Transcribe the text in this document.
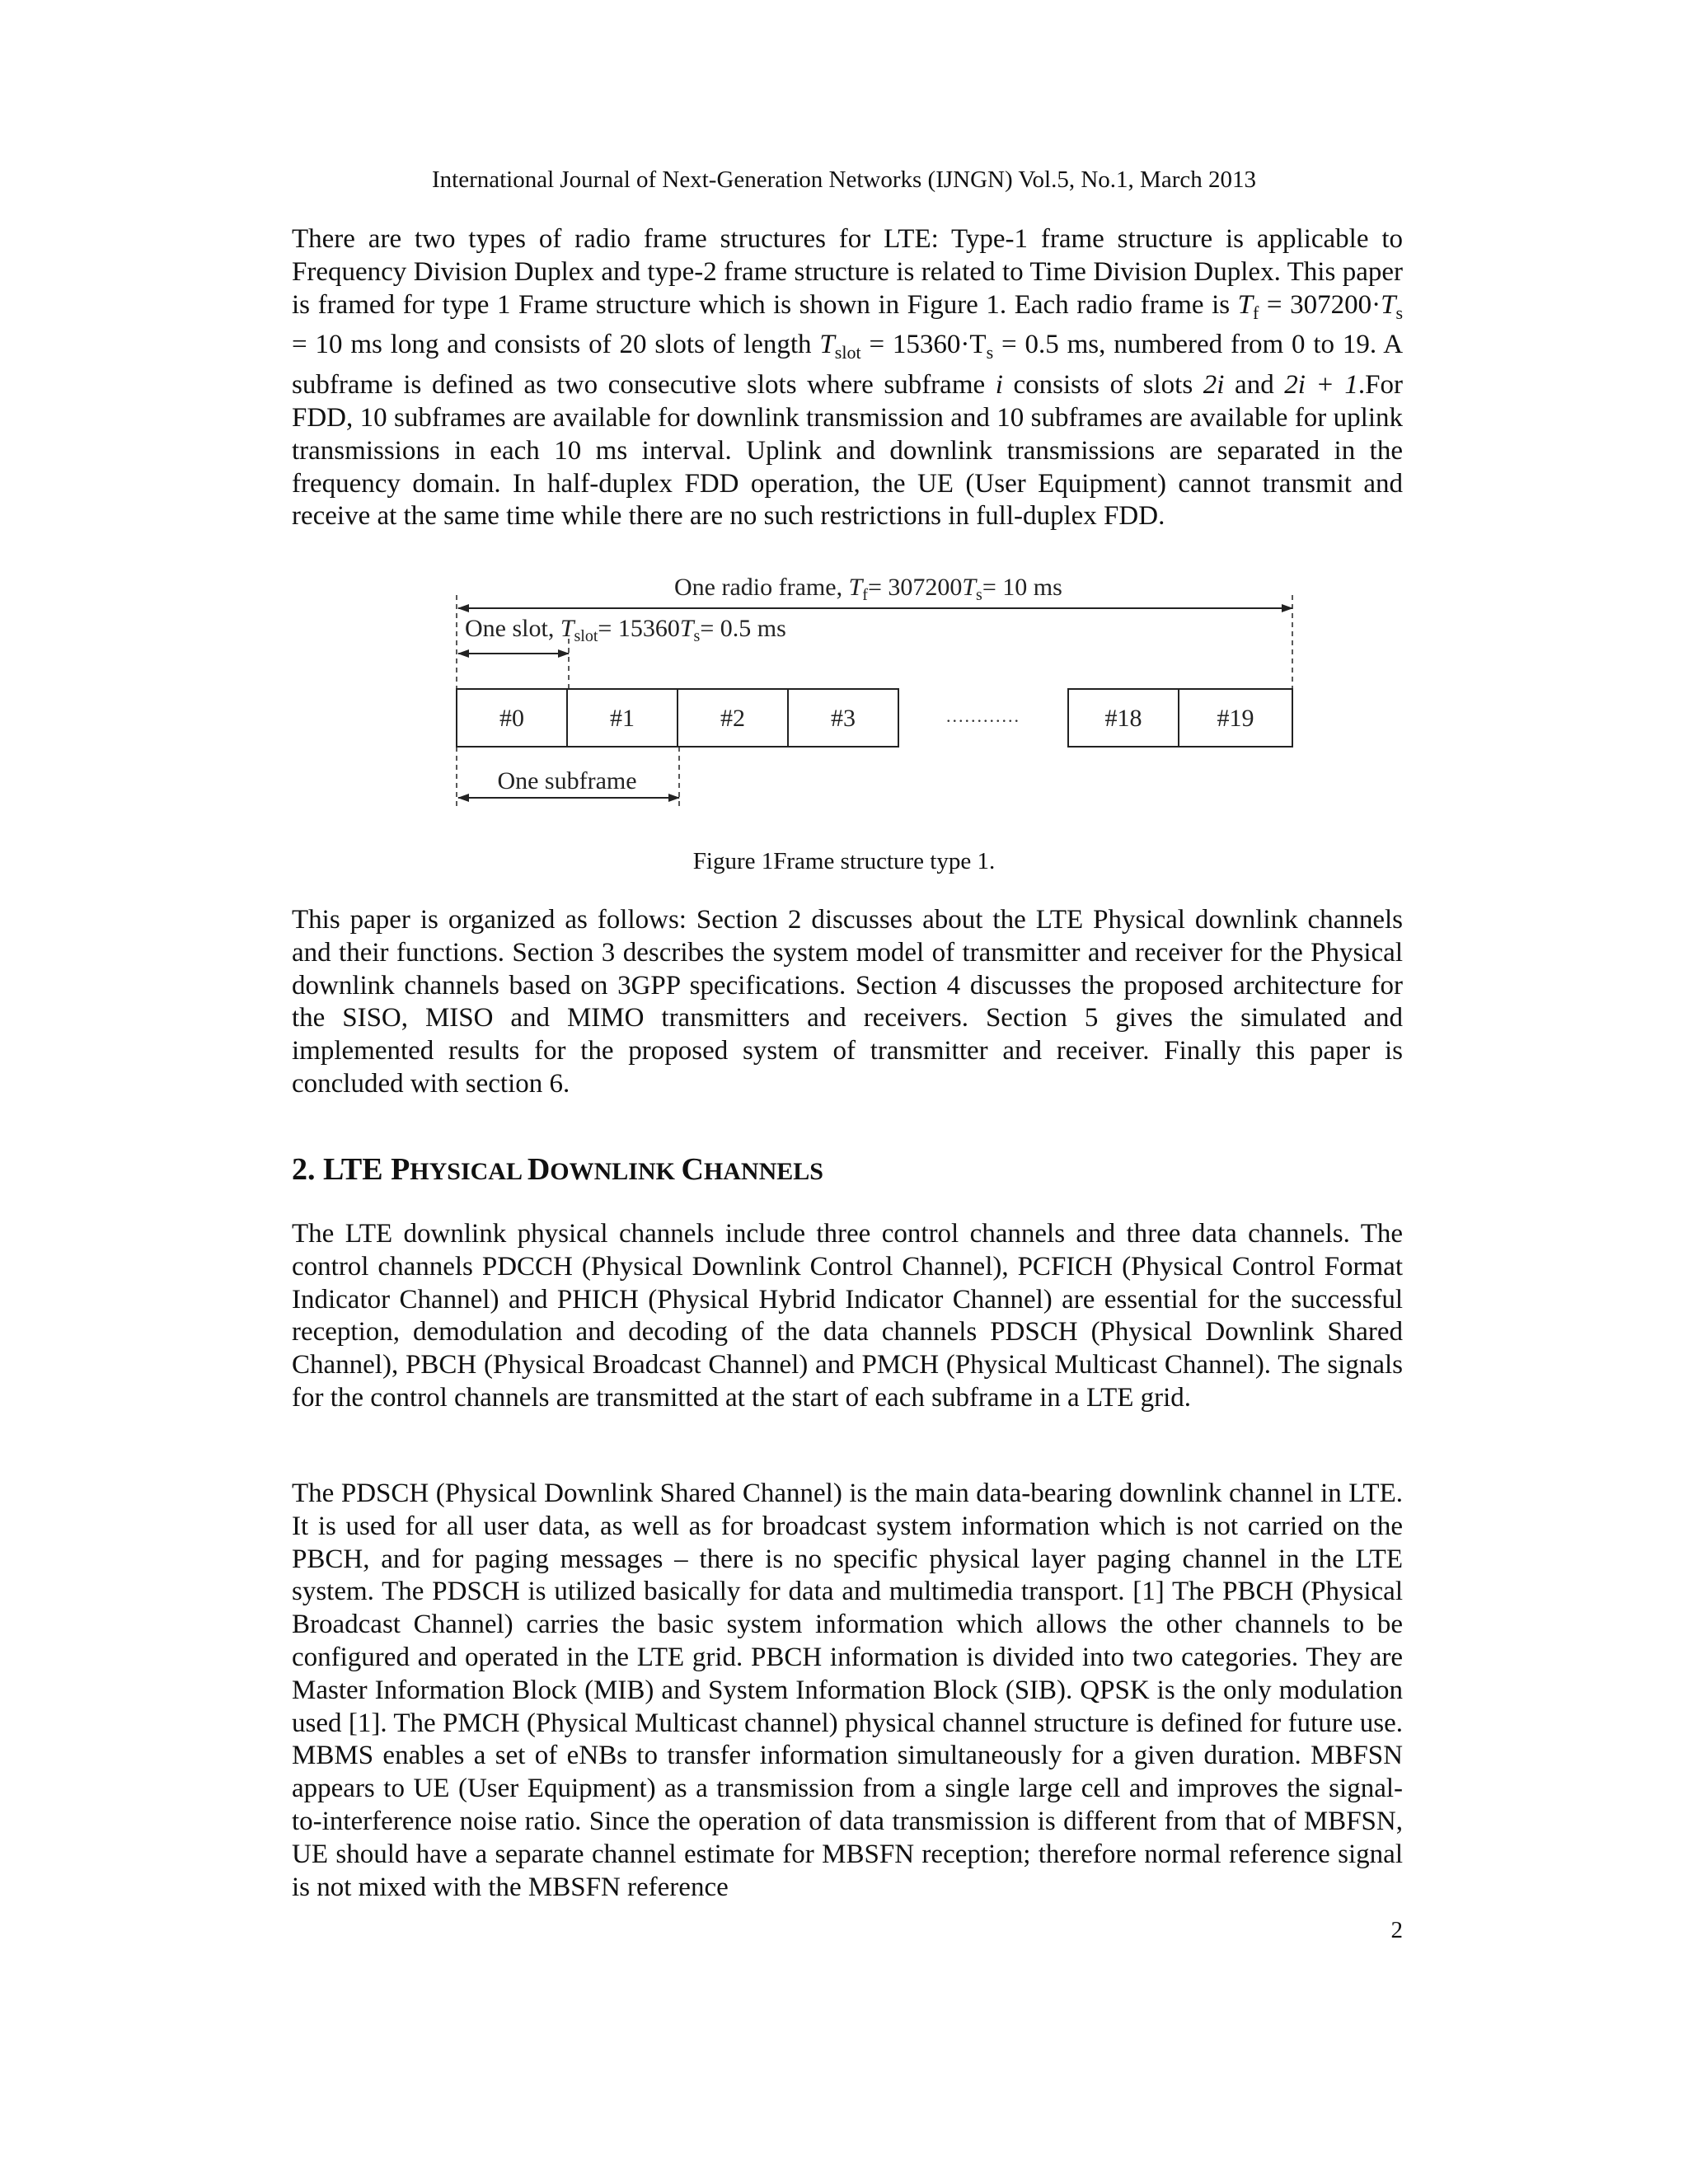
International Journal of Next-Generation Networks (IJNGN) Vol.5, No.1, March 2013

There are two types of radio frame structures for LTE: Type-1 frame structure is applicable to Frequency Division Duplex and type-2 frame structure is related to Time Division Duplex. This paper is framed for type 1 Frame structure which is shown in Figure 1. Each radio frame is $T_f = 307200\cdot T_s = 10$ ms long and consists of 20 slots of length $T_{slot} = 15360\cdot T_s = 0.5$ ms, numbered from 0 to 19. A subframe is defined as two consecutive slots where subframe i consists of slots 2i and 2i + 1.For FDD, 10 subframes are available for downlink transmission and 10 subframes are available for uplink transmissions in each 10 ms interval. Uplink and downlink transmissions are separated in the frequency domain. In half-duplex FDD operation, the UE (User Equipment) cannot transmit and receive at the same time while there are no such restrictions in full-duplex FDD.

One radio frame, $T_f= 307200T_s= 10$ ms
One slot, $T_{slot}= 15360T_s= 0.5$ ms
#0	#1	#2	#3	#18	#19
............
One subframe
Figure 1Frame structure type 1.

This paper is organized as follows: Section 2 discusses about the LTE Physical downlink channels and their functions. Section 3 describes the system model of transmitter and receiver for the Physical downlink channels based on 3GPP specifications. Section 4 discusses the proposed architecture for the SISO, MISO and MIMO transmitters and receivers. Section 5 gives the simulated and implemented results for the proposed system of transmitter and receiver. Finally this paper is concluded with section 6.

2. LTE PHYSICAL DOWNLINK CHANNELS

The LTE downlink physical channels include three control channels and three data channels. The control channels PDCCH (Physical Downlink Control Channel), PCFICH (Physical Control Format Indicator Channel) and PHICH (Physical Hybrid Indicator Channel) are essential for the successful reception, demodulation and decoding of the data channels PDSCH (Physical Downlink Shared Channel), PBCH (Physical Broadcast Channel) and PMCH (Physical Multicast Channel). The signals for the control channels are transmitted at the start of each subframe in a LTE grid.

The PDSCH (Physical Downlink Shared Channel) is the main data-bearing downlink channel in LTE. It is used for all user data, as well as for broadcast system information which is not carried on the PBCH, and for paging messages – there is no specific physical layer paging channel in the LTE system. The PDSCH is utilized basically for data and multimedia transport. [1] The PBCH (Physical Broadcast Channel) carries the basic system information which allows the other channels to be configured and operated in the LTE grid. PBCH information is divided into two categories. They are Master Information Block (MIB) and System Information Block (SIB). QPSK is the only modulation used [1]. The PMCH (Physical Multicast channel) physical channel structure is defined for future use. MBMS enables a set of eNBs to transfer information simultaneously for a given duration. MBFSN appears to UE (User Equipment) as a transmission from a single large cell and improves the signal-to-interference noise ratio. Since the operation of data transmission is different from that of MBFSN, UE should have a separate channel estimate for MBSFN reception; therefore normal reference signal is not mixed with the MBSFN reference

2
